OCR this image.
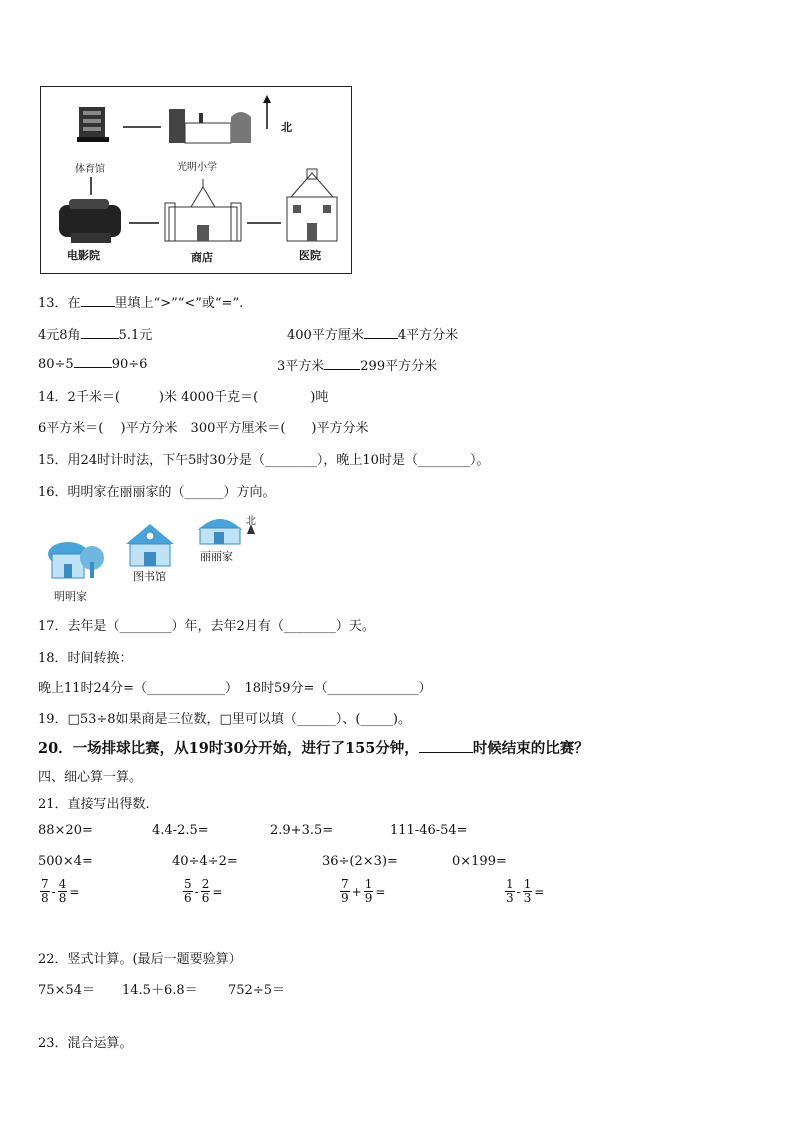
体育馆	光明小学
北
电影院	商店	医院
13．在	里填上“>”“<”或“=”.
4元8角	5.1元	400平方厘米	4平方分米
80÷5	90÷6	3平方米	299平方分米
14．2千米＝(　　　)米 4000千克＝(　　　　)吨
6平方米＝(　 )平方分米　300平方厘米＝(　　)平方分米
15．用24时计时法，下午5时30分是（________），晚上10时是（________）。
16．明明家在丽丽家的（______）方向。
明明家
图书馆
丽丽家
北
17．去年是（________）年，去年2月有（________）天。
18．时间转换：
晚上11时24分=（____________）　18时59分=（______________）
19．□53÷8如果商是三位数，□里可以填（______）、(_____)。
20．一场排球比赛，从19时30分开始，进行了155分钟，	时候结束的比赛？
四、细心算一算。
21．直接写出得数.
88×20=	4.4-2.5=	2.9+3.5=	111-46-54=
500×4=	40÷4÷2=	36÷(2×3)=	0×199=
$\frac{7}{8} - \frac{4}{8}$ =	$\frac{5}{6} - \frac{2}{6}$ =	$\frac{7}{9} + \frac{1}{9}$ =	$\frac{1}{3} - \frac{1}{3}$ =
22．竖式计算。(最后一题要验算）
75×54＝ 14.5＋6.8＝ 752÷5＝
23．混合运算。
